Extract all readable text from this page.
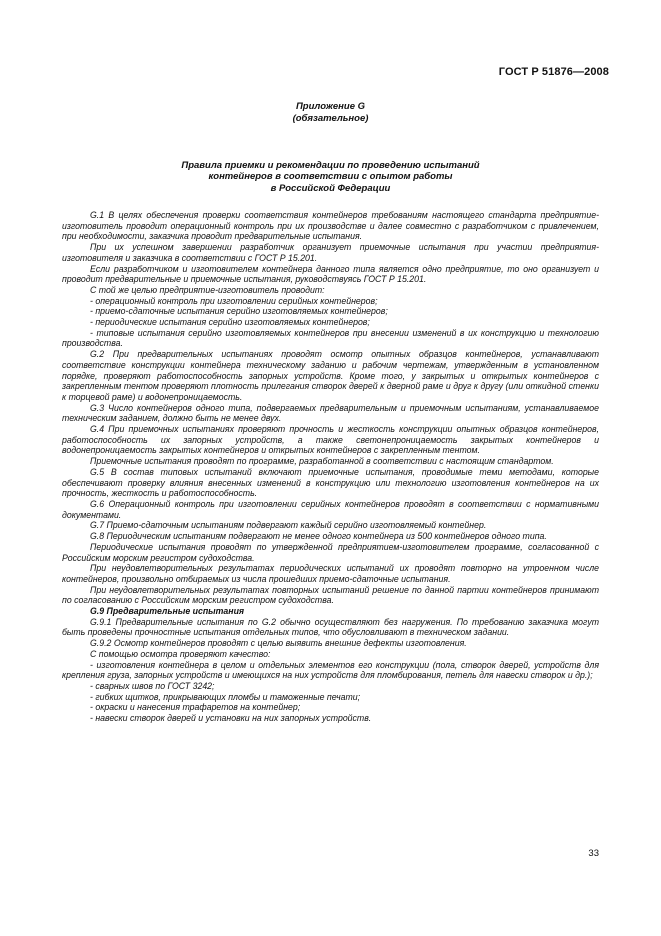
ГОСТ Р 51876—2008
Приложение G
(обязательное)
Правила приемки и рекомендации по проведению испытаний
контейнеров в соответствии с опытом работы
в Российской Федерации

G.1 В целях обеспечения проверки соответствия контейнеров требованиям настоящего стандарта предприятие-изготовитель проводит операционный контроль при их производстве и далее совместно с разработчиком с привлечением, при необходимости, заказчика проводит предварительные испытания.

При их успешном завершении разработчик организует приемочные испытания при участии предприятия-изготовителя и заказчика в соответствии с ГОСТ Р 15.201.

Если разработчиком и изготовителем контейнера данного типа является одно предприятие, то оно организует и проводит предварительные и приемочные испытания, руководствуясь ГОСТ Р 15.201.

С той же целью предприятие-изготовитель проводит:

- операционный контроль при изготовлении серийных контейнеров;

- приемо-сдаточные испытания серийно изготовляемых контейнеров;

- периодические испытания серийно изготовляемых контейнеров;

- типовые испытания серийно изготовляемых контейнеров при внесении изменений в их конструкцию и технологию производства.

G.2 При предварительных испытаниях проводят осмотр опытных образцов контейнеров, устанавливают соответствие конструкции контейнера техническому заданию и рабочим чертежам, утвержденным в установленном порядке, проверяют работоспособность запорных устройств. Кроме того, у закрытых и открытых контейнеров с закрепленным тентом проверяют плотность прилегания створок дверей к дверной раме и друг к другу (или откидной стенки к торцевой раме) и водонепроницаемость.

G.3 Число контейнеров одного типа, подвергаемых предварительным и приемочным испытаниям, устанавливаемое техническим заданием, должно быть не менее двух.

G.4 При приемочных испытаниях проверяют прочность и жесткость конструкции опытных образцов контейнеров, работоспособность их запорных устройств, а также светонепроницаемость закрытых контейнеров и водонепроницаемость закрытых контейнеров и открытых контейнеров с закрепленным тентом.

Приемочные испытания проводят по программе, разработанной в соответствии с настоящим стандартом.

G.5 В состав типовых испытаний включают приемочные испытания, проводимые теми методами, которые обеспечивают проверку влияния внесенных изменений в конструкцию или технологию изготовления контейнеров на их прочность, жесткость и работоспособность.

G.6 Операционный контроль при изготовлении серийных контейнеров проводят в соответствии с нормативными документами.

G.7 Приемо-сдаточным испытаниям подвергают каждый серийно изготовляемый контейнер.

G.8 Периодическим испытаниям подвергают не менее одного контейнера из 500 контейнеров одного типа.

Периодические испытания проводят по утвержденной предприятием-изготовителем программе, согласованной с Российским морским регистром судоходства.

При неудовлетворительных результатах периодических испытаний их проводят повторно на утроенном числе контейнеров, произвольно отбираемых из числа прошедших приемо-сдаточные испытания.

При неудовлетворительных результатах повторных испытаний решение по данной партии контейнеров принимают по согласованию с Российским морским регистром судоходства.

G.9 Предварительные испытания

G.9.1 Предварительные испытания по G.2 обычно осуществляют без нагружения. По требованию заказчика могут быть проведены прочностные испытания отдельных типов, что обусловливают в техническом задании.

G.9.2 Осмотр контейнеров проводят с целью выявить внешние дефекты изготовления.

С помощью осмотра проверяют качество:

- изготовления контейнера в целом и отдельных элементов его конструкции (пола, створок дверей, устройств для крепления груза, запорных устройств и имеющихся на них устройств для пломбирования, петель для навески створок и др.);

- сварных швов по ГОСТ 3242;

- гибких щитков, прикрывающих пломбы и таможенные печати;

- окраски и нанесения трафаретов на контейнер;

- навески створок дверей и установки на них запорных устройств.

33
